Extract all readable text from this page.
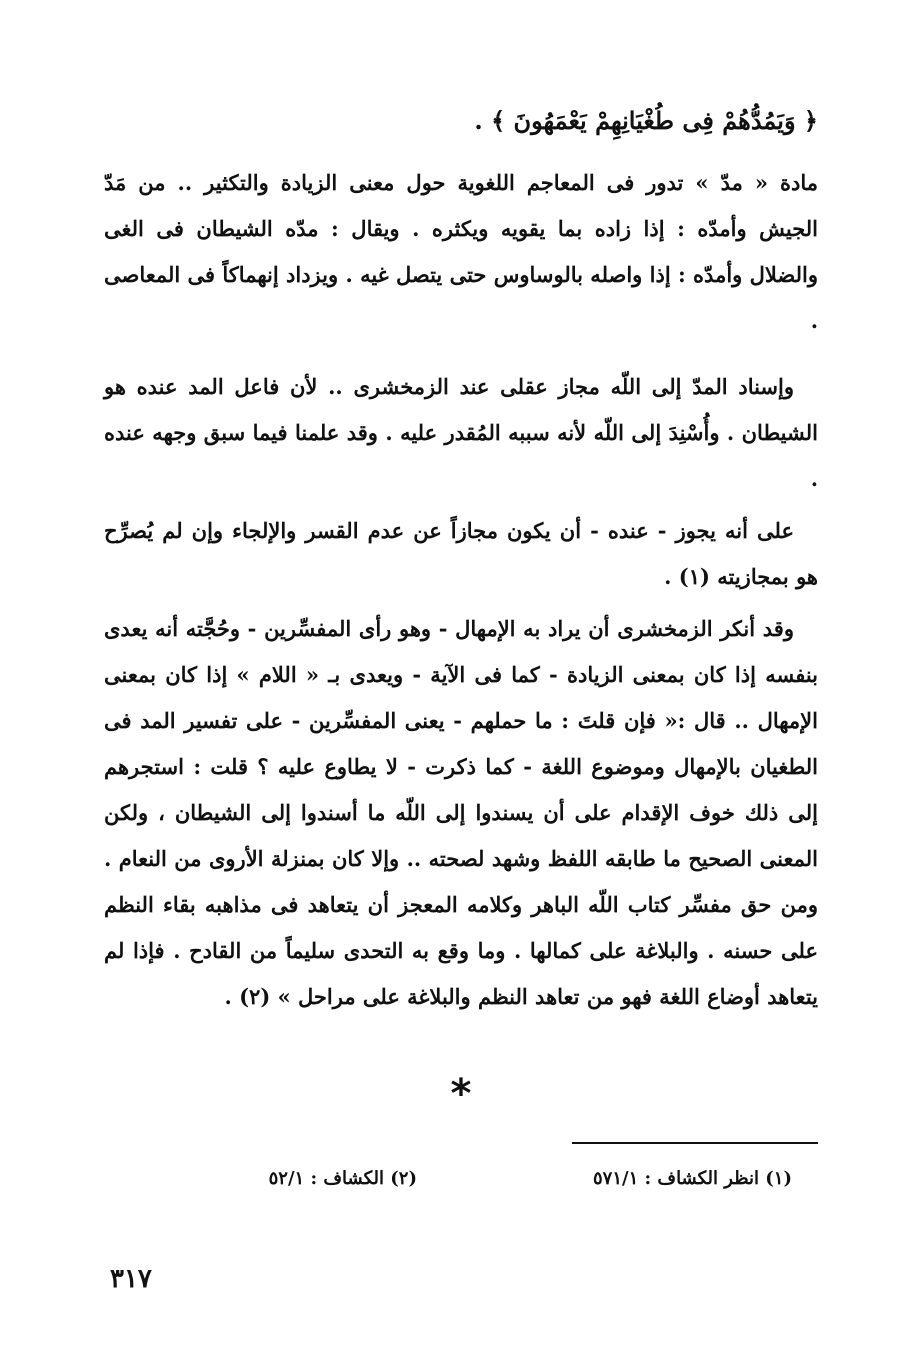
﴿ وَيَمُدُّهُمْ فِى طُغْيَانِهِمْ يَعْمَهُونَ ﴾ .

مادة « مدّ » تدور فى المعاجم اللغوية حول معنى الزيادة والتكثير .. من مَدّ الجيش وأمدّه : إذا زاده بما يقويه ويكثره . ويقال : مدّه الشيطان فى الغى والضلال وأمدّه : إذا واصله بالوساوس حتى يتصل غيه . ويزداد إنهماكاً فى المعاصى .

وإسناد المدّ إلى اللّه مجاز عقلى عند الزمخشرى .. لأن فاعل المد عنده هو الشيطان . وأُسْنِدَ إلى اللّه لأنه سببه المُقدر عليه . وقد علمنا فيما سبق وجهه عنده .

على أنه يجوز - عنده - أن يكون مجازاً عن عدم القسر والإلجاء وإن لم يُصرِّح هو بمجازيته (١) .

وقد أنكر الزمخشرى أن يراد به الإمهال - وهو رأى المفسِّرين - وحُجَّته أنه يعدى بنفسه إذا كان بمعنى الزيادة - كما فى الآية - ويعدى بـ « اللام » إذا كان بمعنى الإمهال .. قال :« فإن قلتَ : ما حملهم - يعنى المفسِّرين - على تفسير المد فى الطغيان بالإمهال وموضوع اللغة - كما ذكرت - لا يطاوع عليه ؟ قلت : استجرهم إلى ذلك خوف الإقدام على أن يسندوا إلى اللّه ما أسندوا إلى الشيطان ، ولكن المعنى الصحيح ما طابقه اللفظ وشهد لصحته .. وإلا كان بمنزلة الأروى من النعام . ومن حق مفسِّر كتاب اللّه الباهر وكلامه المعجز أن يتعاهد فى مذاهبه بقاء النظم على حسنه . والبلاغة على كمالها . وما وقع به التحدى سليماً من القادح . فإذا لم يتعاهد أوضاع اللغة فهو من تعاهد النظم والبلاغة على مراحل » (٢) .

*
(١) انظر الكشاف : ٥٧١/١
(٢) الكشاف : ٥٢/١
٣١٧
